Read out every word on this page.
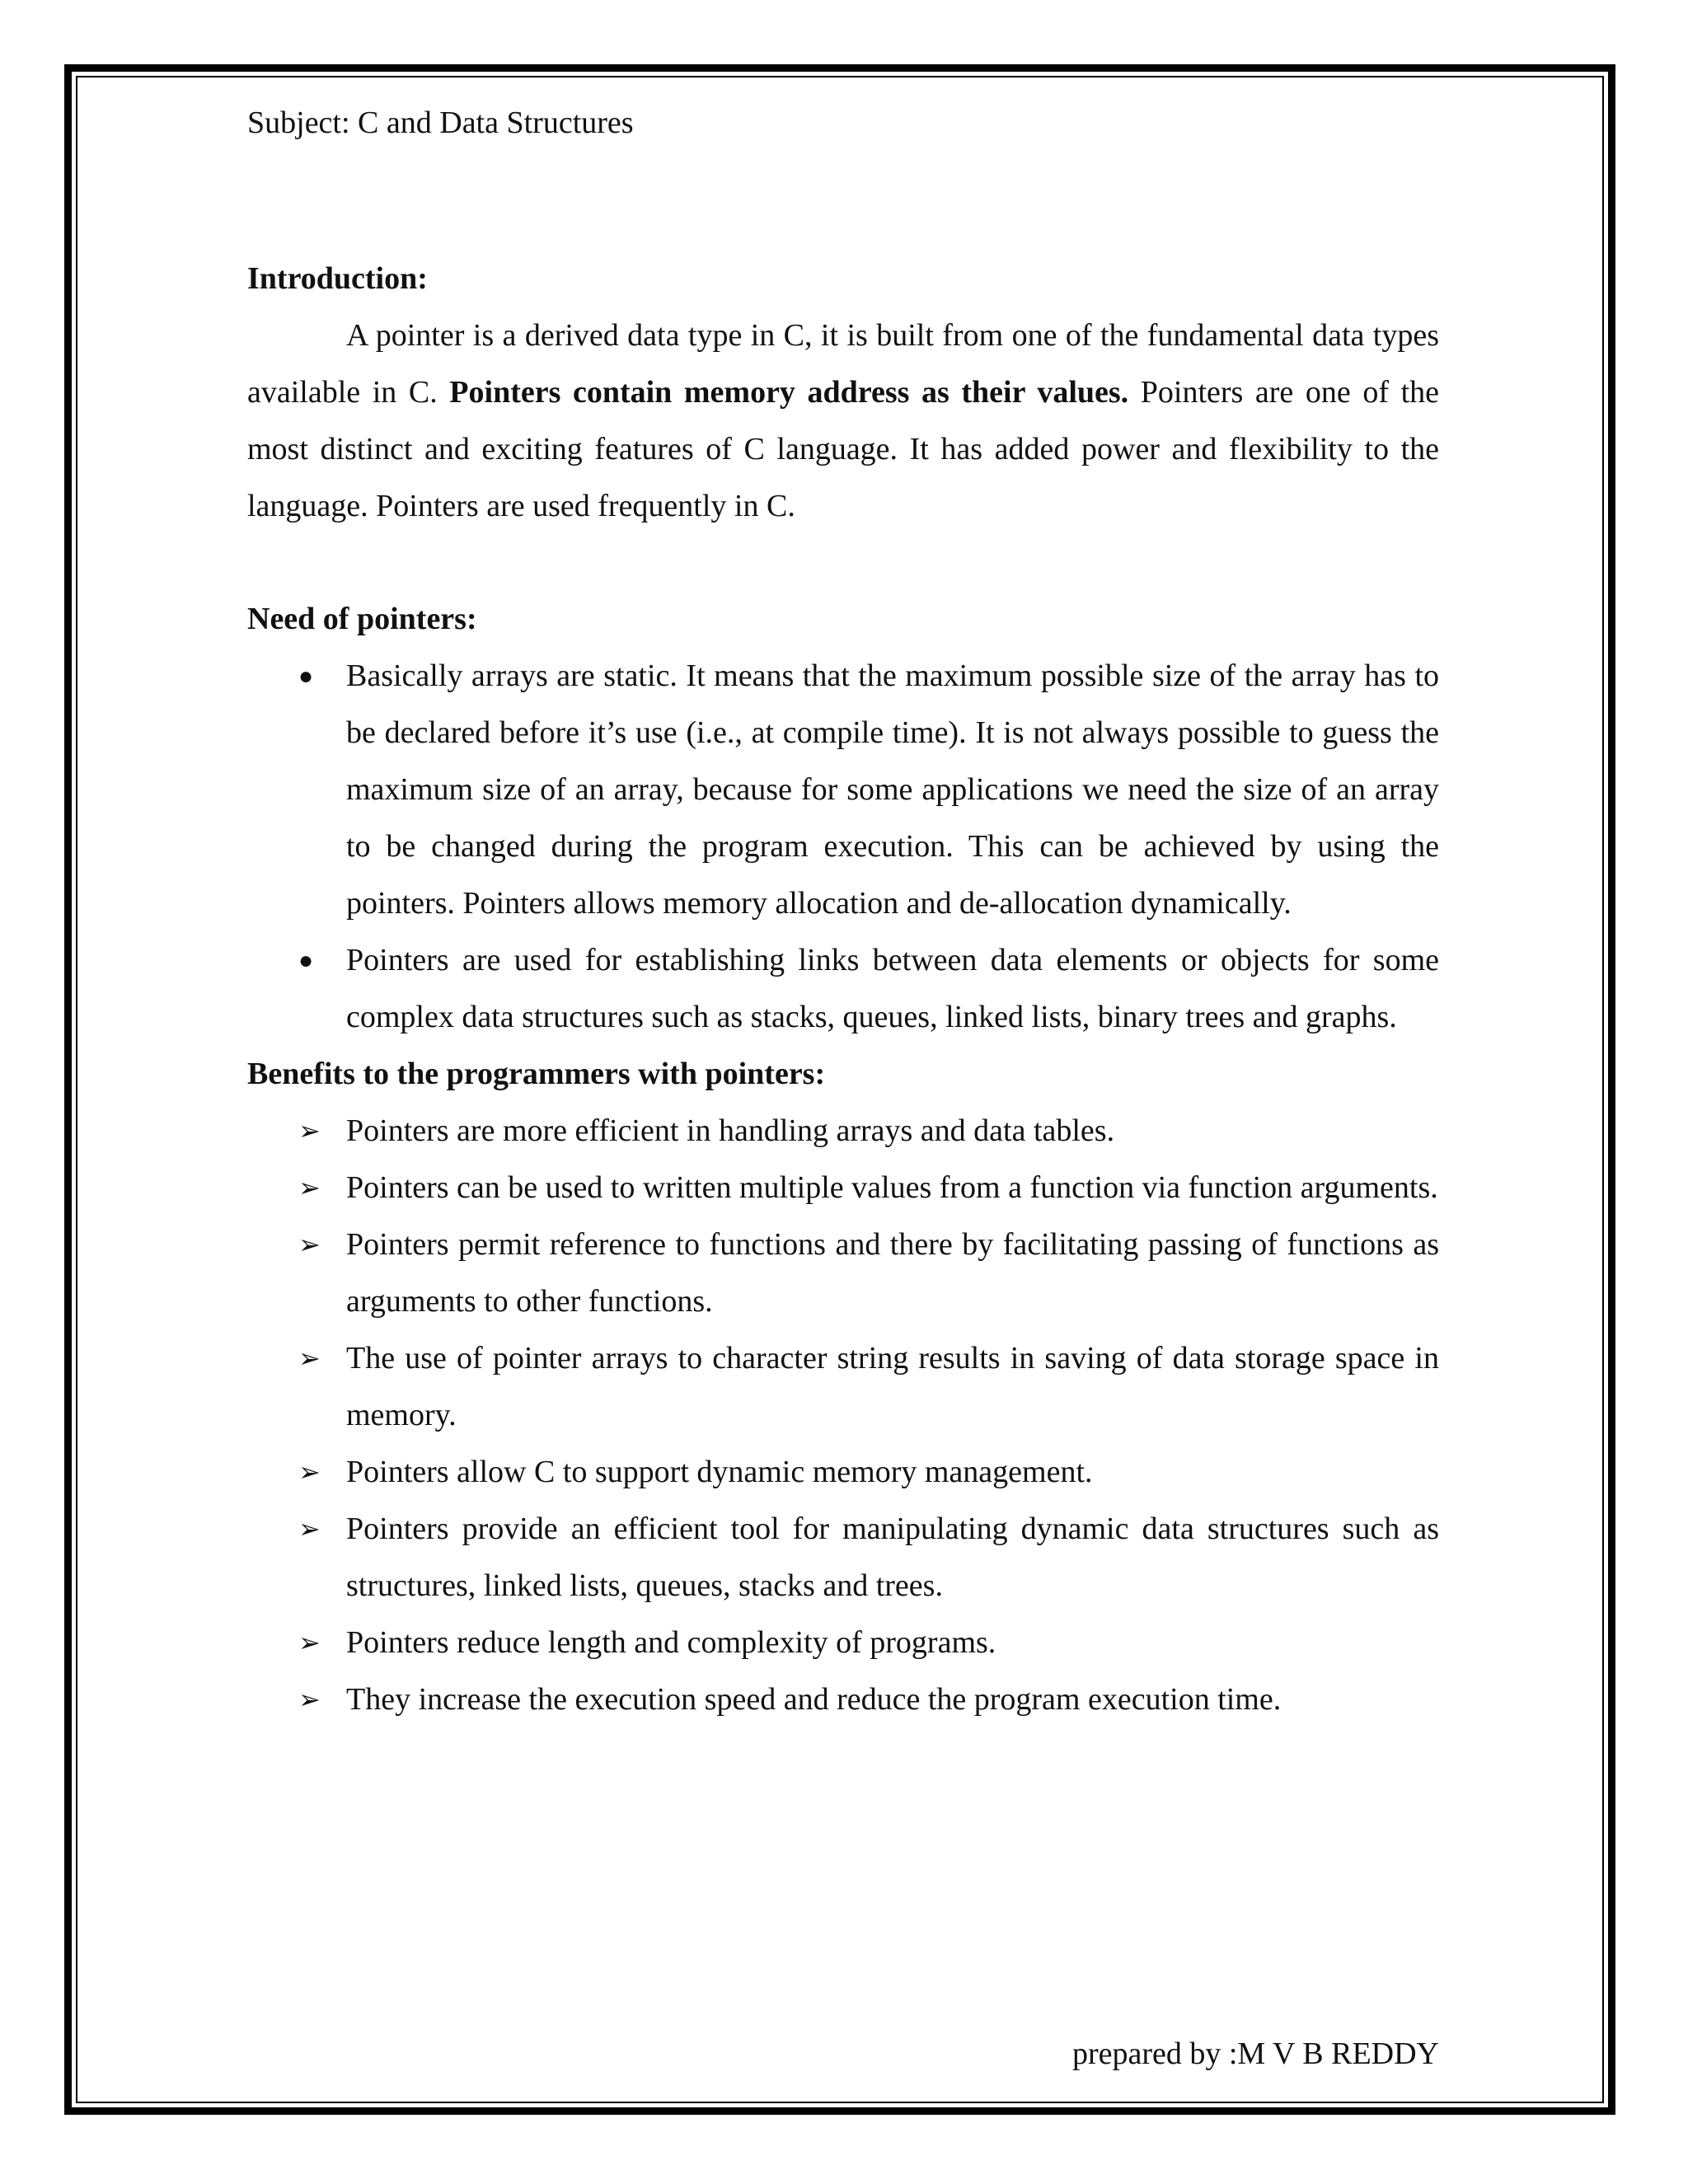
Subject: C and Data Structures

Introduction:

A pointer is a derived data type in C, it is built from one of the fundamental data types available in C. Pointers contain memory address as their values. Pointers are one of the most distinct and exciting features of C language. It has added power and flexibility to the language. Pointers are used frequently in C.

Need of pointers:

● Basically arrays are static. It means that the maximum possible size of the array has to be declared before it’s use (i.e., at compile time). It is not always possible to guess the maximum size of an array, because for some applications we need the size of an array to be changed during the program execution. This can be achieved by using the pointers. Pointers allows memory allocation and de-allocation dynamically.
● Pointers are used for establishing links between data elements or objects for some complex data structures such as stacks, queues, linked lists, binary trees and graphs.

Benefits to the programmers with pointers:

➢ Pointers are more efficient in handling arrays and data tables.
➢ Pointers can be used to written multiple values from a function via function arguments.
➢ Pointers permit reference to functions and there by facilitating passing of functions as arguments to other functions.
➢ The use of pointer arrays to character string results in saving of data storage space in memory.
➢ Pointers allow C to support dynamic memory management.
➢ Pointers provide an efficient tool for manipulating dynamic data structures such as structures, linked lists, queues, stacks and trees.
➢ Pointers reduce length and complexity of programs.
➢ They increase the execution speed and reduce the program execution time.
prepared by :M V B REDDY
